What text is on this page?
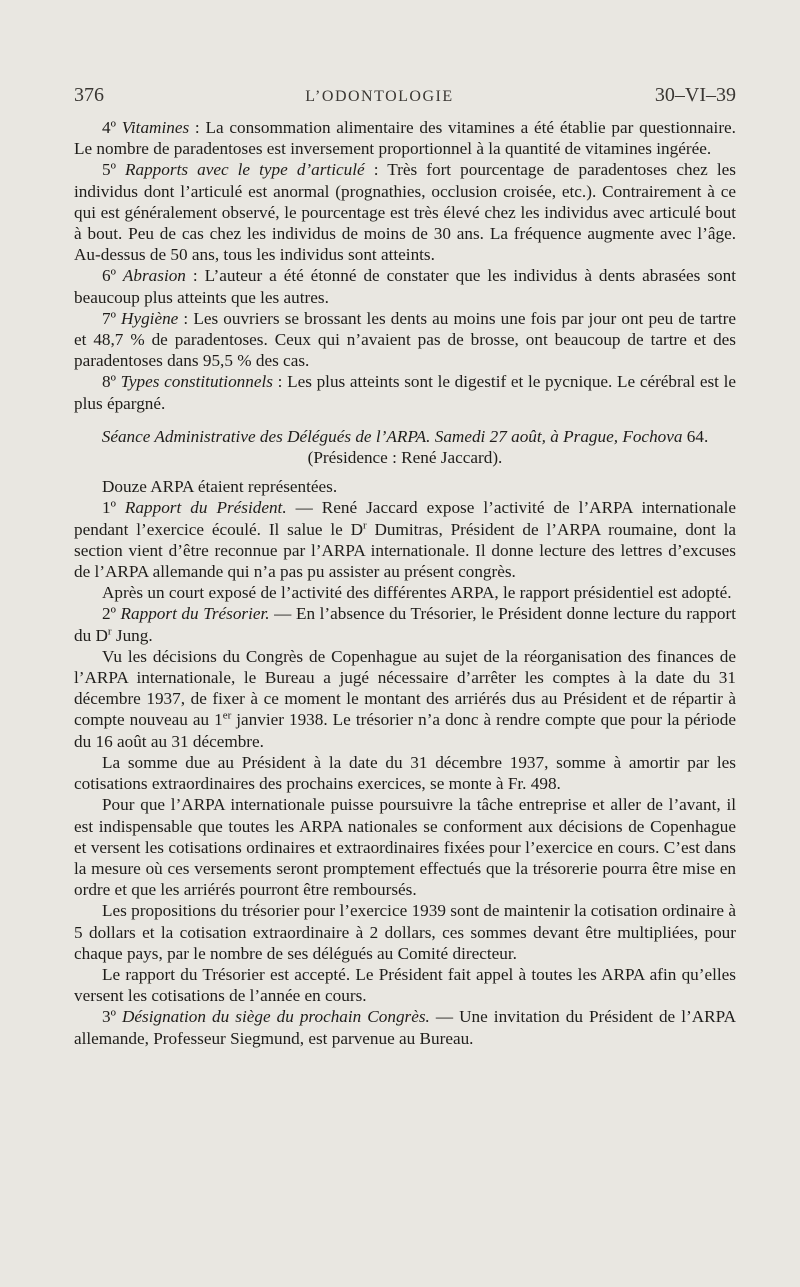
376	L’ODONTOLOGIE	30–VI–39

4º Vitamines : La consommation alimentaire des vitamines a été établie par questionnaire. Le nombre de paradentoses est inversement proportionnel à la quantité de vitamines ingérée.

5º Rapports avec le type d’articulé : Très fort pourcentage de paradentoses chez les individus dont l’articulé est anormal (prognathies, occlusion croisée, etc.). Contrairement à ce qui est généralement observé, le pourcentage est très élevé chez les individus avec articulé bout à bout. Peu de cas chez les individus de moins de 30 ans. La fréquence augmente avec l’âge. Au-dessus de 50 ans, tous les individus sont atteints.

6º Abrasion : L’auteur a été étonné de constater que les individus à dents abrasées sont beaucoup plus atteints que les autres.

7º Hygiène : Les ouvriers se brossant les dents au moins une fois par jour ont peu de tartre et 48,7 % de paradentoses. Ceux qui n’avaient pas de brosse, ont beaucoup de tartre et des paradentoses dans 95,5 % des cas.

8º Types constitutionnels : Les plus atteints sont le digestif et le pycnique. Le cérébral est le plus épargné.

Séance Administrative des Délégués de l’ARPA. Samedi 27 août, à Prague, Fochova 64. (Présidence : René Jaccard).

Douze ARPA étaient représentées.

1º Rapport du Président. — René Jaccard expose l’activité de l’ARPA internationale pendant l’exercice écoulé. Il salue le $D^r$ Dumitras, Président de l’ARPA roumaine, dont la section vient d’être reconnue par l’ARPA internationale. Il donne lecture des lettres d’excuses de l’ARPA allemande qui n’a pas pu assister au présent congrès.

Après un court exposé de l’activité des différentes ARPA, le rapport présidentiel est adopté.

2º Rapport du Trésorier. — En l’absence du Trésorier, le Président donne lecture du rapport du $D^r$ Jung.

Vu les décisions du Congrès de Copenhague au sujet de la réorganisation des finances de l’ARPA internationale, le Bureau a jugé nécessaire d’arrêter les comptes à la date du 31 décembre 1937, de fixer à ce moment le montant des arriérés dus au Président et de répartir à compte nouveau au 1er janvier 1938. Le trésorier n’a donc à rendre compte que pour la période du 16 août au 31 décembre.

La somme due au Président à la date du 31 décembre 1937, somme à amortir par les cotisations extraordinaires des prochains exercices, se monte à Fr. 498.

Pour que l’ARPA internationale puisse poursuivre la tâche entreprise et aller de l’avant, il est indispensable que toutes les ARPA nationales se conforment aux décisions de Copenhague et versent les cotisations ordinaires et extraordinaires fixées pour l’exercice en cours. C’est dans la mesure où ces versements seront promptement effectués que la trésorerie pourra être mise en ordre et que les arriérés pourront être remboursés.

Les propositions du trésorier pour l’exercice 1939 sont de maintenir la cotisation ordinaire à 5 dollars et la cotisation extraordinaire à 2 dollars, ces sommes devant être multipliées, pour chaque pays, par le nombre de ses délégués au Comité directeur.

Le rapport du Trésorier est accepté. Le Président fait appel à toutes les ARPA afin qu’elles versent les cotisations de l’année en cours.

3º Désignation du siège du prochain Congrès. — Une invitation du Président de l’ARPA allemande, Professeur Siegmund, est parvenue au Bureau.
